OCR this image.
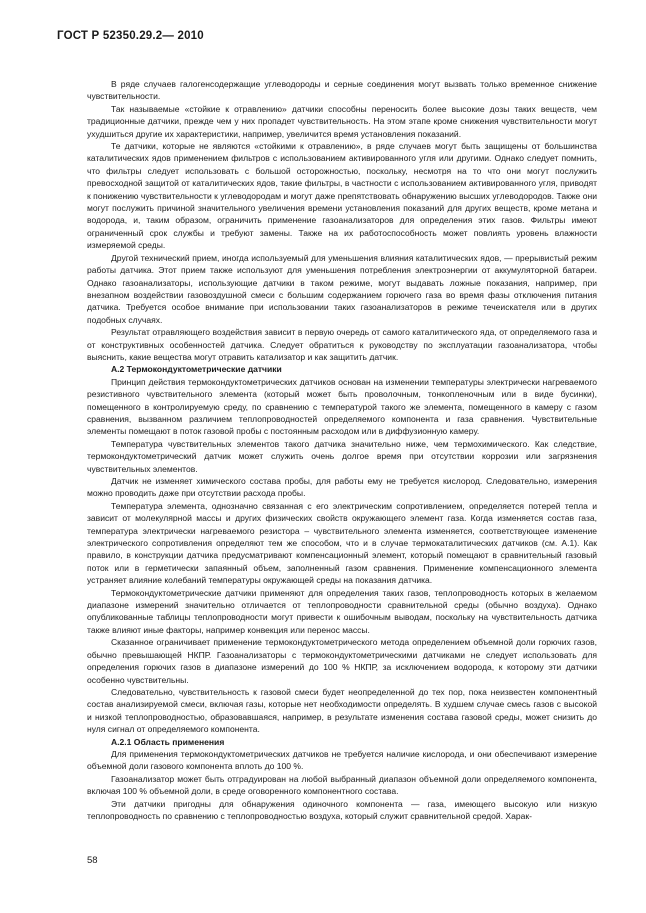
ГОСТ Р 52350.29.2— 2010

В ряде случаев галогенсодержащие углеводороды и серные соединения могут вызвать только временное снижение чувствительности.

Так называемые «стойкие к отравлению» датчики способны переносить более высокие дозы таких веществ, чем традиционные датчики, прежде чем у них пропадет чувствительность. На этом этапе кроме снижения чувствительности могут ухудшиться другие их характеристики, например, увеличится время установления показаний.

Те датчики, которые не являются «стойкими к отравлению», в ряде случаев могут быть защищены от большинства каталитических ядов применением фильтров с использованием активированного угля или другими. Однако следует помнить, что фильтры следует использовать с большой осторожностью, поскольку, несмотря на то что они могут послужить превосходной защитой от каталитических ядов, такие фильтры, в частности с использованием активированного угля, приводят к понижению чувствительности к углеводородам и могут даже препятствовать обнаружению высших углеводородов. Также они могут послужить причиной значительного увеличения времени установления показаний для других веществ, кроме метана и водорода, и, таким образом, ограничить применение газоанализаторов для определения этих газов. Фильтры имеют ограниченный срок службы и требуют замены. Также на их работоспособность может повлиять уровень влажности измеряемой среды.

Другой технический прием, иногда используемый для уменьшения влияния каталитических ядов, — прерывистый режим работы датчика. Этот прием также используют для уменьшения потребления электроэнергии от аккумуляторной батареи. Однако газоанализаторы, использующие датчики в таком режиме, могут выдавать ложные показания, например, при внезапном воздействии газовоздушной смеси с большим содержанием горючего газа во время фазы отключения питания датчика. Требуется особое внимание при использовании таких газоанализаторов в режиме течеискателя или в других подобных случаях.

Результат отравляющего воздействия зависит в первую очередь от самого каталитического яда, от определяемого газа и от конструктивных особенностей датчика. Следует обратиться к руководству по эксплуатации газоанализатора, чтобы выяснить, какие вещества могут отравить катализатор и как защитить датчик.

А.2 Термокондуктометрические датчики

Принцип действия термокондуктометрических датчиков основан на изменении температуры электрически нагреваемого резистивного чувствительного элемента (который может быть проволочным, тонкопленочным или в виде бусинки), помещенного в контролируемую среду, по сравнению с температурой такого же элемента, помещенного в камеру с газом сравнения, вызванном различием теплопроводностей определяемого компонента и газа сравнения. Чувствительные элементы помещают в поток газовой пробы с постоянным расходом или в диффузионную камеру.

Температура чувствительных элементов такого датчика значительно ниже, чем термохимического. Как следствие, термокондуктометрический датчик может служить очень долгое время при отсутствии коррозии или загрязнения чувствительных элементов.

Датчик не изменяет химического состава пробы, для работы ему не требуется кислород. Следовательно, измерения можно проводить даже при отсутствии расхода пробы.

Температура элемента, однозначно связанная с его электрическим сопротивлением, определяется потерей тепла и зависит от молекулярной массы и других физических свойств окружающего элемент газа. Когда изменяется состав газа, температура электрически нагреваемого резистора – чувствительного элемента изменяется, соответствующее изменение электрического сопротивления определяют тем же способом, что и в случае термокаталитических датчиков (см. А.1). Как правило, в конструкции датчика предусматривают компенсационный элемент, который помещают в сравнительный газовый поток или в герметически запаянный объем, заполненный газом сравнения. Применение компенсационного элемента устраняет влияние колебаний температуры окружающей среды на показания датчика.

Термокондуктометрические датчики применяют для определения таких газов, теплопроводность которых в желаемом диапазоне измерений значительно отличается от теплопроводности сравнительной среды (обычно воздуха). Однако опубликованные таблицы теплопроводности могут привести к ошибочным выводам, поскольку на чувствительность датчика также влияют иные факторы, например конвекция или перенос массы.

Сказанное ограничивает применение термокондуктометрического метода определением объемной доли горючих газов, обычно превышающей НКПР. Газоанализаторы с термокондуктометрическими датчиками не следует использовать для определения горючих газов в диапазоне измерений до 100 % НКПР, за исключением водорода, к которому эти датчики особенно чувствительны.

Следовательно, чувствительность к газовой смеси будет неопределенной до тех пор, пока неизвестен компонентный состав анализируемой смеси, включая газы, которые нет необходимости определять. В худшем случае смесь газов с высокой и низкой теплопроводностью, образовавшаяся, например, в результате изменения состава газовой среды, может снизить до нуля сигнал от определяемого компонента.

А.2.1 Область применения

Для применения термокондуктометрических датчиков не требуется наличие кислорода, и они обеспечивают измерение объемной доли газового компонента вплоть до 100 %.

Газоанализатор может быть отградуирован на любой выбранный диапазон объемной доли определяемого компонента, включая 100 % объемной доли, в среде оговоренного компонентного состава.

Эти датчики пригодны для обнаружения одиночного компонента — газа, имеющего высокую или низкую теплопроводность по сравнению с теплопроводностью воздуха, который служит сравнительной средой. Харак-

58
